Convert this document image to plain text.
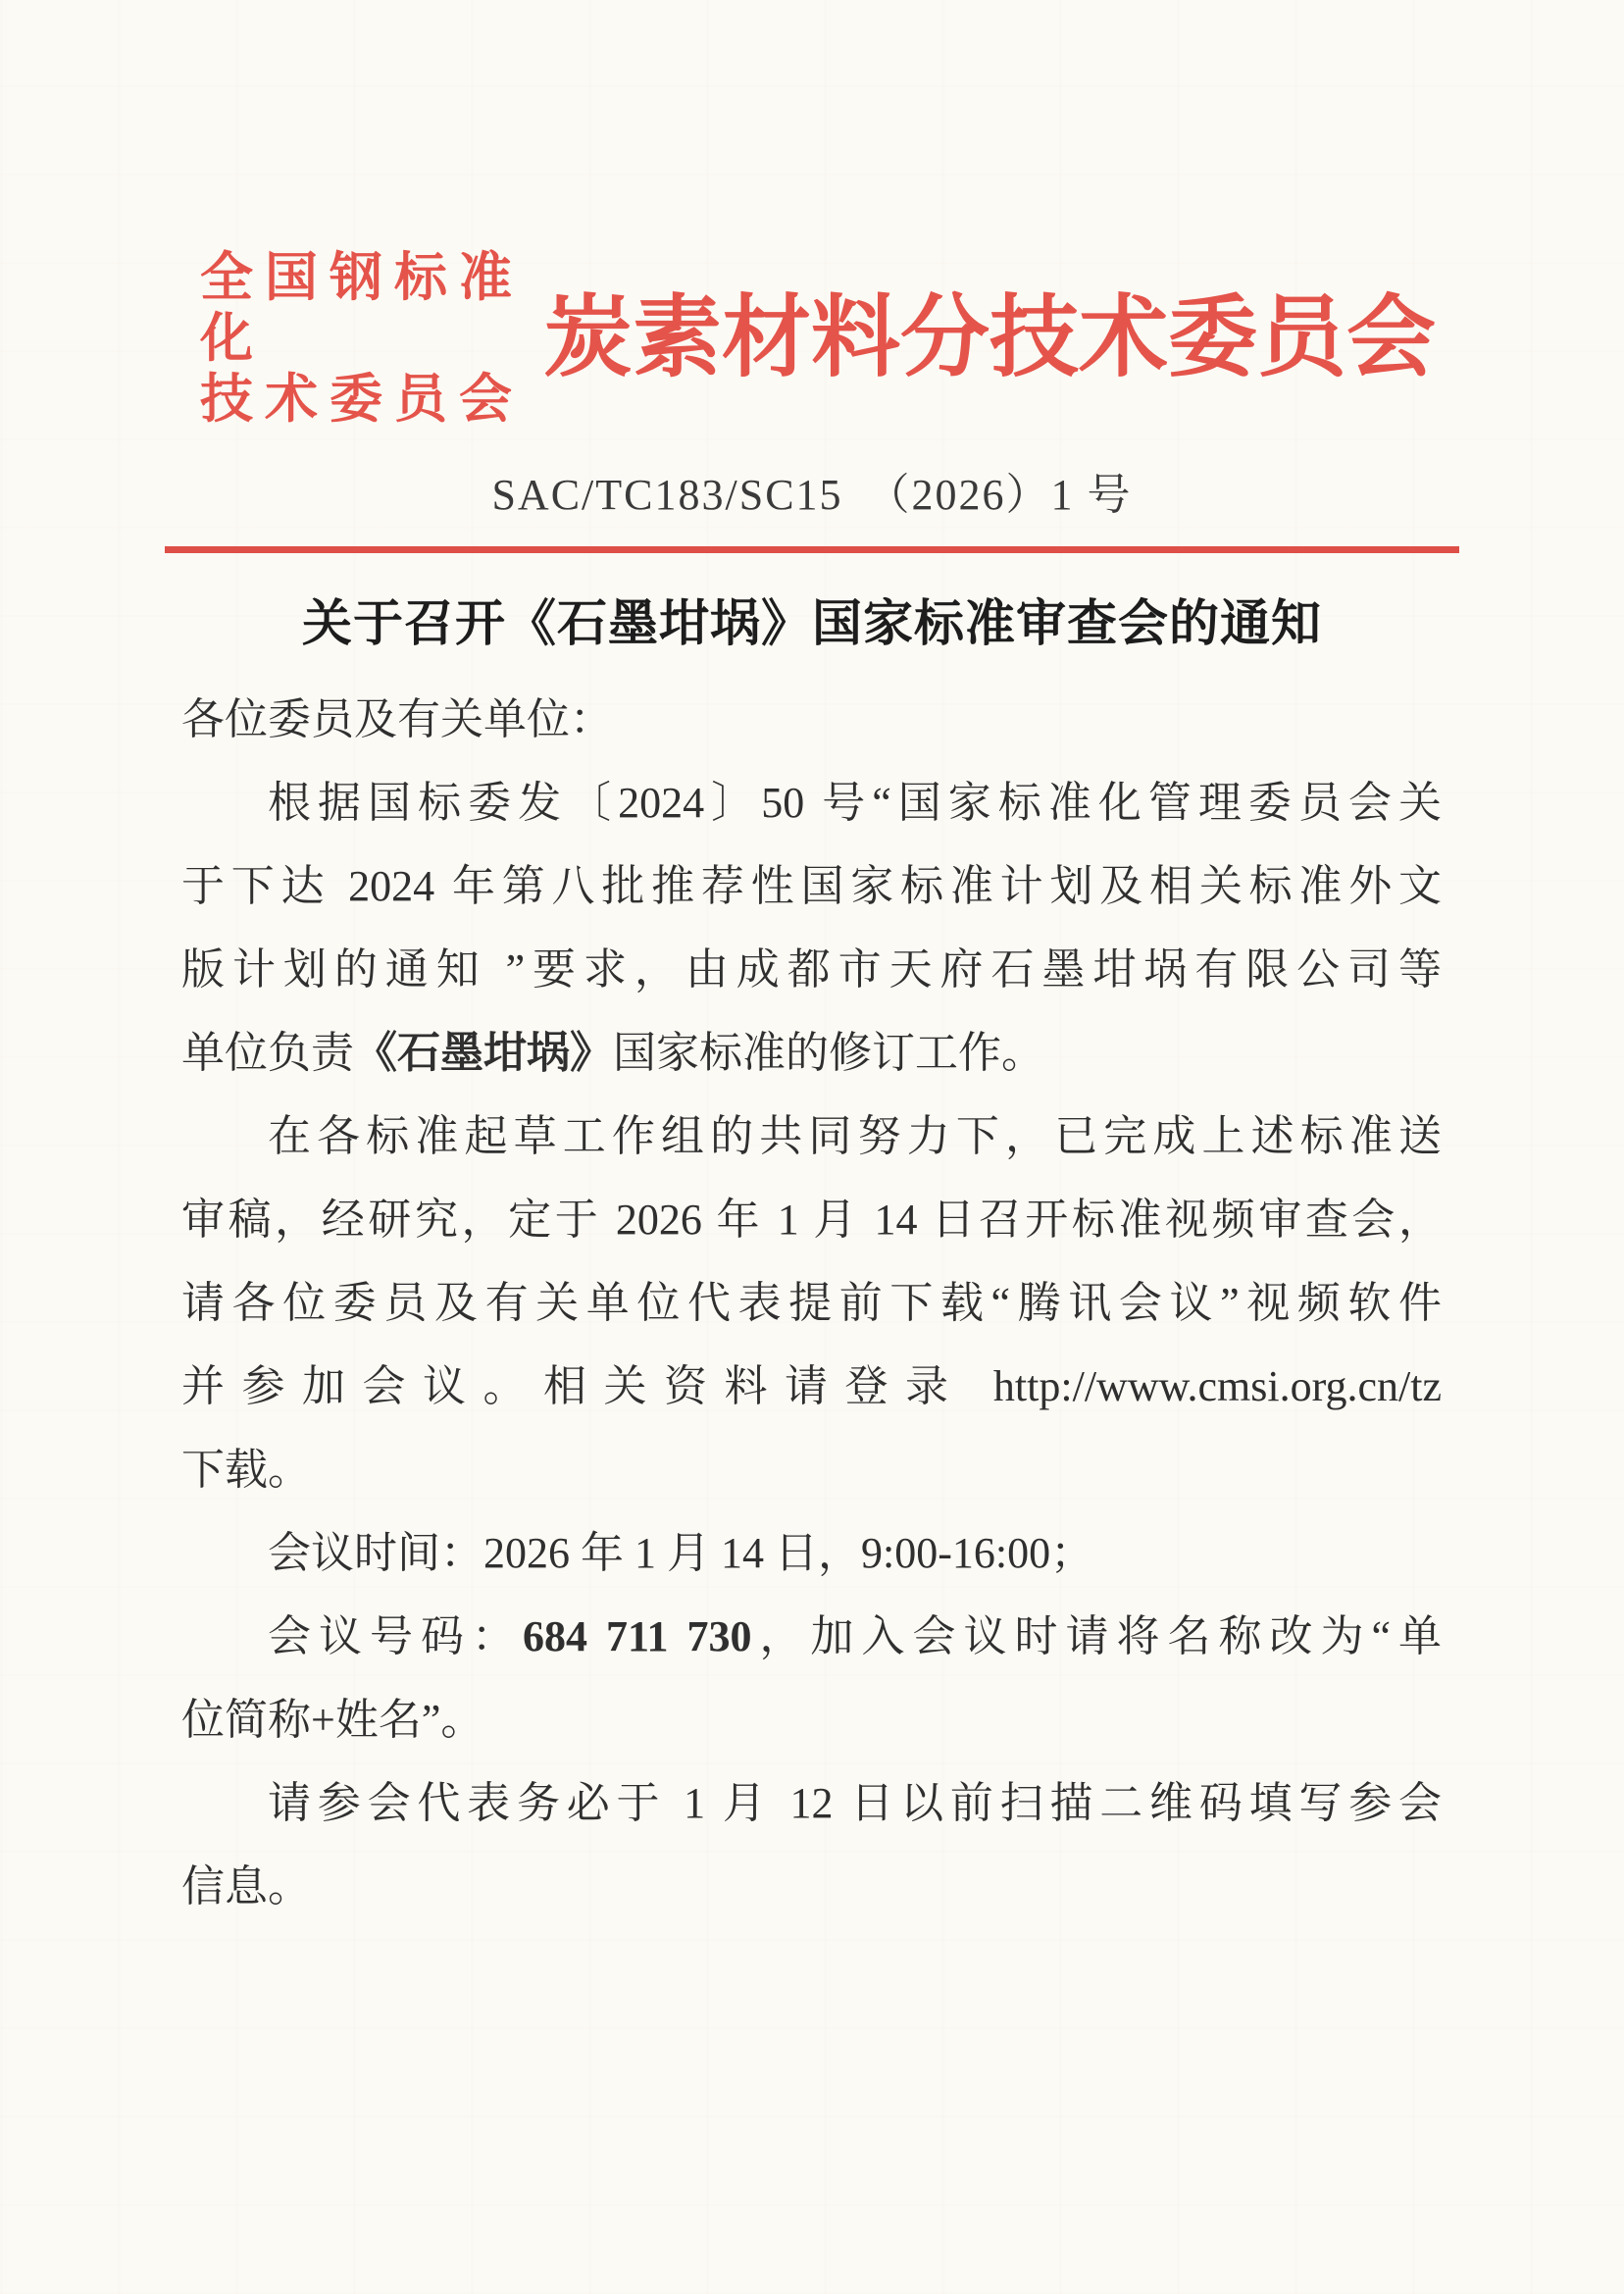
全国钢标准化
技术委员会
炭素材料分技术委员会
SAC/TC183/SC15　（2026）1 号
关于召开《石墨坩埚》国家标准审查会的通知
各位委员及有关单位：
根据国标委发〔2024〕50 号“国家标准化管理委员会关
于下达 2024 年第八批推荐性国家标准计划及相关标准外文
版计划的通知 ”要求，由成都市天府石墨坩埚有限公司等
单位负责《石墨坩埚》国家标准的修订工作。
在各标准起草工作组的共同努力下，已完成上述标准送
审稿，经研究，定于 2026 年 1 月 14 日召开标准视频审查会，
请各位委员及有关单位代表提前下载“腾讯会议”视频软件
并参加会议。相关资料请登录 http://www.cmsi.org.cn/tz
下载。
会议时间：2026 年 1 月 14 日，9:00-16:00；
会议号码：684 711 730，加入会议时请将名称改为“单
位简称+姓名”。
请参会代表务必于 1 月 12 日以前扫描二维码填写参会
信息。
